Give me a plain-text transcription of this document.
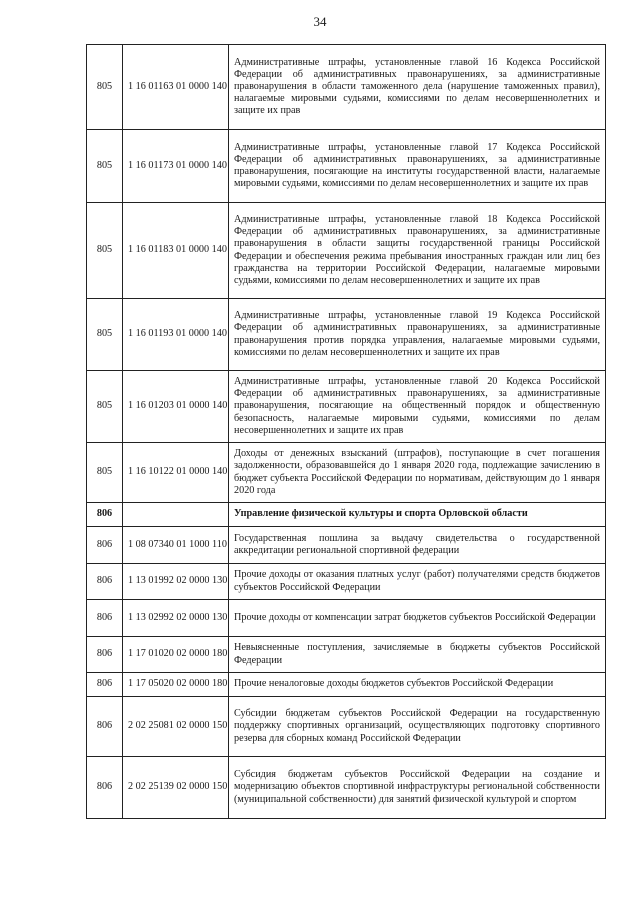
34
805	1 16 01163 01 0000 140	Административные штрафы, установленные главой 16 Кодекса Российской Федерации об административных правонарушениях, за административные правонарушения в области таможенного дела (нарушение таможенных правил), налагаемые мировыми судьями, комиссиями по делам несовершеннолетних и защите их прав
805	1 16 01173 01 0000 140	Административные штрафы, установленные главой 17 Кодекса Российской Федерации об административных правонарушениях, за административные правонарушения, посягающие на институты государственной власти, налагаемые мировыми судьями, комиссиями по делам несовершеннолетних и защите их прав
805	1 16 01183 01 0000 140	Административные штрафы, установленные главой 18 Кодекса Российской Федерации об административных правонарушениях, за административные правонарушения в области защиты государственной границы Российской Федерации и обеспечения режима пребывания иностранных граждан или лиц без гражданства на территории Российской Федерации, налагаемые мировыми судьями, комиссиями по делам несовершеннолетних и защите их прав
805	1 16 01193 01 0000 140	Административные штрафы, установленные главой 19 Кодекса Российской Федерации об административных правонарушениях, за административные правонарушения против порядка управления, налагаемые мировыми судьями, комиссиями по делам несовершеннолетних и защите их прав
805	1 16 01203 01 0000 140	Административные штрафы, установленные главой 20 Кодекса Российской Федерации об административных правонарушениях, за административные правонарушения, посягающие на общественный порядок и общественную безопасность, налагаемые мировыми судьями, комиссиями по делам несовершеннолетних и защите их прав
805	1 16 10122 01 0000 140	Доходы от денежных взысканий (штрафов), поступающие в счет погашения задолженности, образовавшейся до 1 января 2020 года, подлежащие зачислению в бюджет субъекта Российской Федерации по нормативам, действующим до 1 января 2020 года
806		Управление физической культуры и спорта Орловской области
806	1 08 07340 01 1000 110	Государственная пошлина за выдачу свидетельства о государственной аккредитации региональной спортивной федерации
806	1 13 01992 02 0000 130	Прочие доходы от оказания платных услуг (работ) получателями средств бюджетов субъектов Российской Федерации
806	1 13 02992 02 0000 130	Прочие доходы от компенсации затрат бюджетов субъектов Российской Федерации
806	1 17 01020 02 0000 180	Невыясненные поступления, зачисляемые в бюджеты субъектов Российской Федерации
806	1 17 05020 02 0000 180	Прочие неналоговые доходы бюджетов субъектов Российской Федерации
806	2 02 25081 02 0000 150	Субсидии бюджетам субъектов Российской Федерации на государственную поддержку спортивных организаций, осуществляющих подготовку спортивного резерва для сборных команд Российской Федерации
806	2 02 25139 02 0000 150	Субсидия бюджетам субъектов Российской Федерации на создание и модернизацию объектов спортивной инфраструктуры региональной собственности (муниципальной собственности) для занятий физической культурой и спортом
